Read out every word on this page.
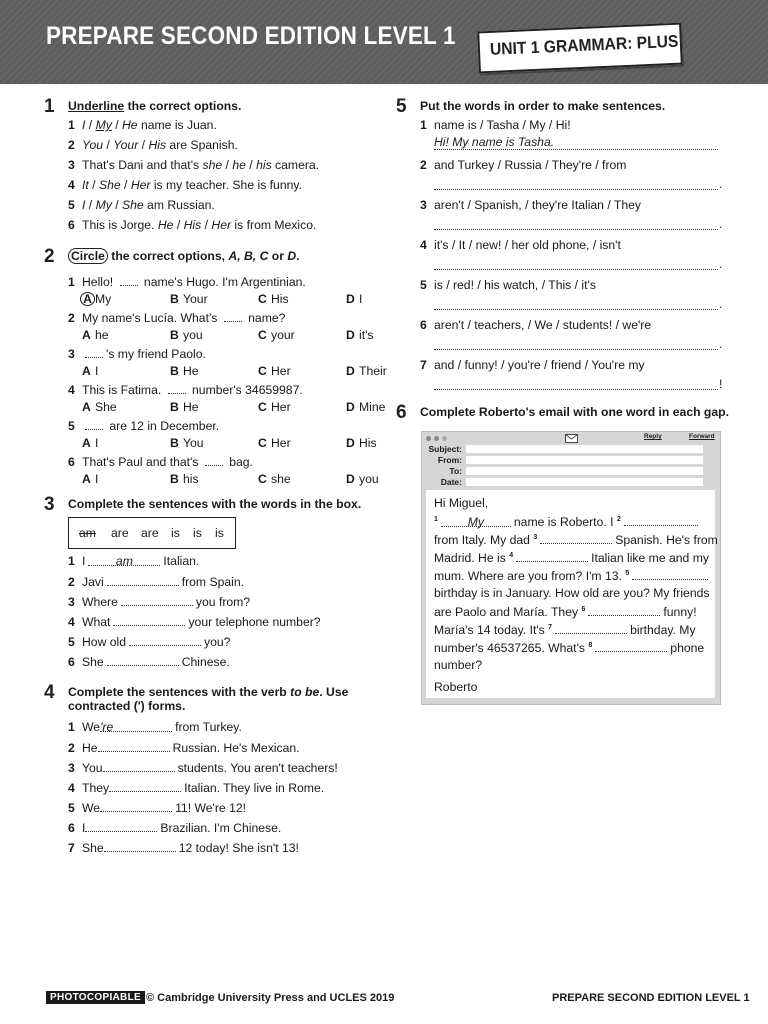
PREPARE SECOND EDITION LEVEL 1 UNIT 1 GRAMMAR: PLUS
1 Underline the correct options.
1 I / My / He name is Juan.
2 You / Your / His are Spanish.
3 That's Dani and that's she / he / his camera.
4 It / She / Her is my teacher. She is funny.
5 I / My / She am Russian.
6 This is Jorge. He / His / Her is from Mexico.
2 Circle the correct options, A, B, C or D.
1 Hello!  name's Hugo. I'm Argentinian.
AMy	BYour	CHis	DI
2 My name's Lucía. What's  name?
Ahe	Byou	Cyour	Dit's
3	's my friend Paolo.
AI	BHe	CHer	DTheir
4 This is Fatima.  number's 34659987.
AShe	BHe	CHer	DMine
5	are 12 in December.
AI	BYou	CHer	DHis
6 That's Paul and that's  bag.
AI	Bhis	Cshe	Dyou
3 Complete the sentences with the words in the box.
am are are is is is
1 I	am	Italian.
2 Javi	from Spain.
3 Where	you from?
4 What	your telephone number?
5 How old	you?
6 She	Chinese.
4 Complete the sentences with the verb to be. Use
contracted (') forms.
1 We're	from Turkey.
2 He	Russian. He's Mexican.
3 You	students. You aren't teachers!
4 They	Italian. They live in Rome.
5 We	11! We're 12!
6 I	Brazilian. I'm Chinese.
7 She	12 today! She isn't 13!
5 Put the words in order to make sentences.
1 name is / Tasha / My / Hi!
Hi! My name is Tasha.
2 and Turkey / Russia / They're / from
.
3 aren't / Spanish, / they're Italian / They
.
4 it's / It / new! / her old phone, / isn't
.
5 is / red! / his watch, / This / it's
.
6 aren't / teachers, / We / students! / we're
.
7 and / funny! / you're / friend / You're my
!
6 Complete Roberto's email with one word in each gap.
Reply	Forward
Subject:
From:
To:
Date:
Hi Miguel,
$^1$ My name is Roberto. I $^2$
from Italy. My dad $^3$	Spanish. He's from
Madrid. He is $^4$	Italian like me and my
mum. Where are you from? I'm 13. $^5$
birthday is in January. How old are you? My friends
are Paolo and María. They $^6$	funny!
María's 14 today. It's $^7$	birthday. My
number's 46537265. What's $^8$	phone
number?
Roberto
PHOTOCOPIABLE © Cambridge University Press and UCLES 2019	PREPARE SECOND EDITION LEVEL 1
